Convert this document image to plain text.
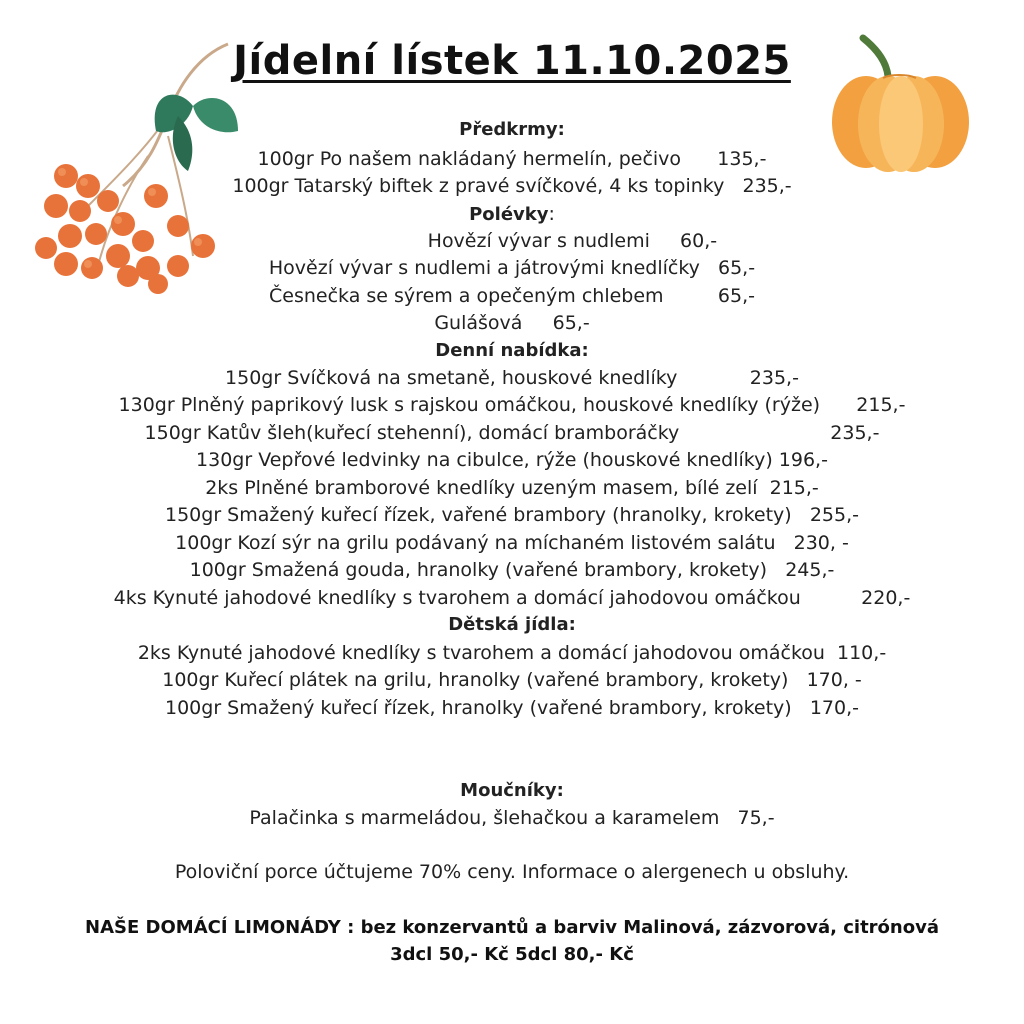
Jídelní lístek 11.10.2025
Předkrmy:
100gr Po našem nakládaný hermelín, pečivo      135,-
100gr Tatarský biftek z pravé svíčkové, 4 ks topinky   235,-
Polévky:
Hovězí vývar s nudlemi     60,-
Hovězí vývar s nudlemi a játrovými knedlíčky   65,-
Česnečka se sýrem a opečeným chlebem         65,-
Gulášová     65,-
Denní nabídka:
150gr Svíčková na smetaně, houskové knedlíky            235,-
130gr Plněný paprikový lusk s rajskou omáčkou, houskové knedlíky (rýže)      215,-
150gr Katův šleh(kuřecí stehenní), domácí bramboráčky                         235,-
130gr Vepřové ledvinky na cibulce, rýže (houskové knedlíky) 196,-
2ks Plněné bramborové knedlíky uzeným masem, bílé zelí  215,-
150gr Smažený kuřecí řízek, vařené brambory (hranolky, krokety)   255,-
100gr Kozí sýr na grilu podávaný na míchaném listovém salátu   230, -
100gr Smažená gouda, hranolky (vařené brambory, krokety)   245,-
4ks Kynuté jahodové knedlíky s tvarohem a domácí jahodovou omáčkou          220,-
Dětská jídla:
2ks Kynuté jahodové knedlíky s tvarohem a domácí jahodovou omáčkou  110,-
100gr Kuřecí plátek na grilu, hranolky (vařené brambory, krokety)   170, -
100gr Smažený kuřecí řízek, hranolky (vařené brambory, krokety)   170,-
Moučníky:
Palačinka s marmeládou, šlehačkou a karamelem   75,-
Poloviční porce účtujeme 70% ceny. Informace o alergenech u obsluhy.
NAŠE DOMÁCÍ LIMONÁDY : bez konzervantů a barviv Malinová, zázvorová, citrónová
3dcl 50,- Kč 5dcl 80,- Kč
